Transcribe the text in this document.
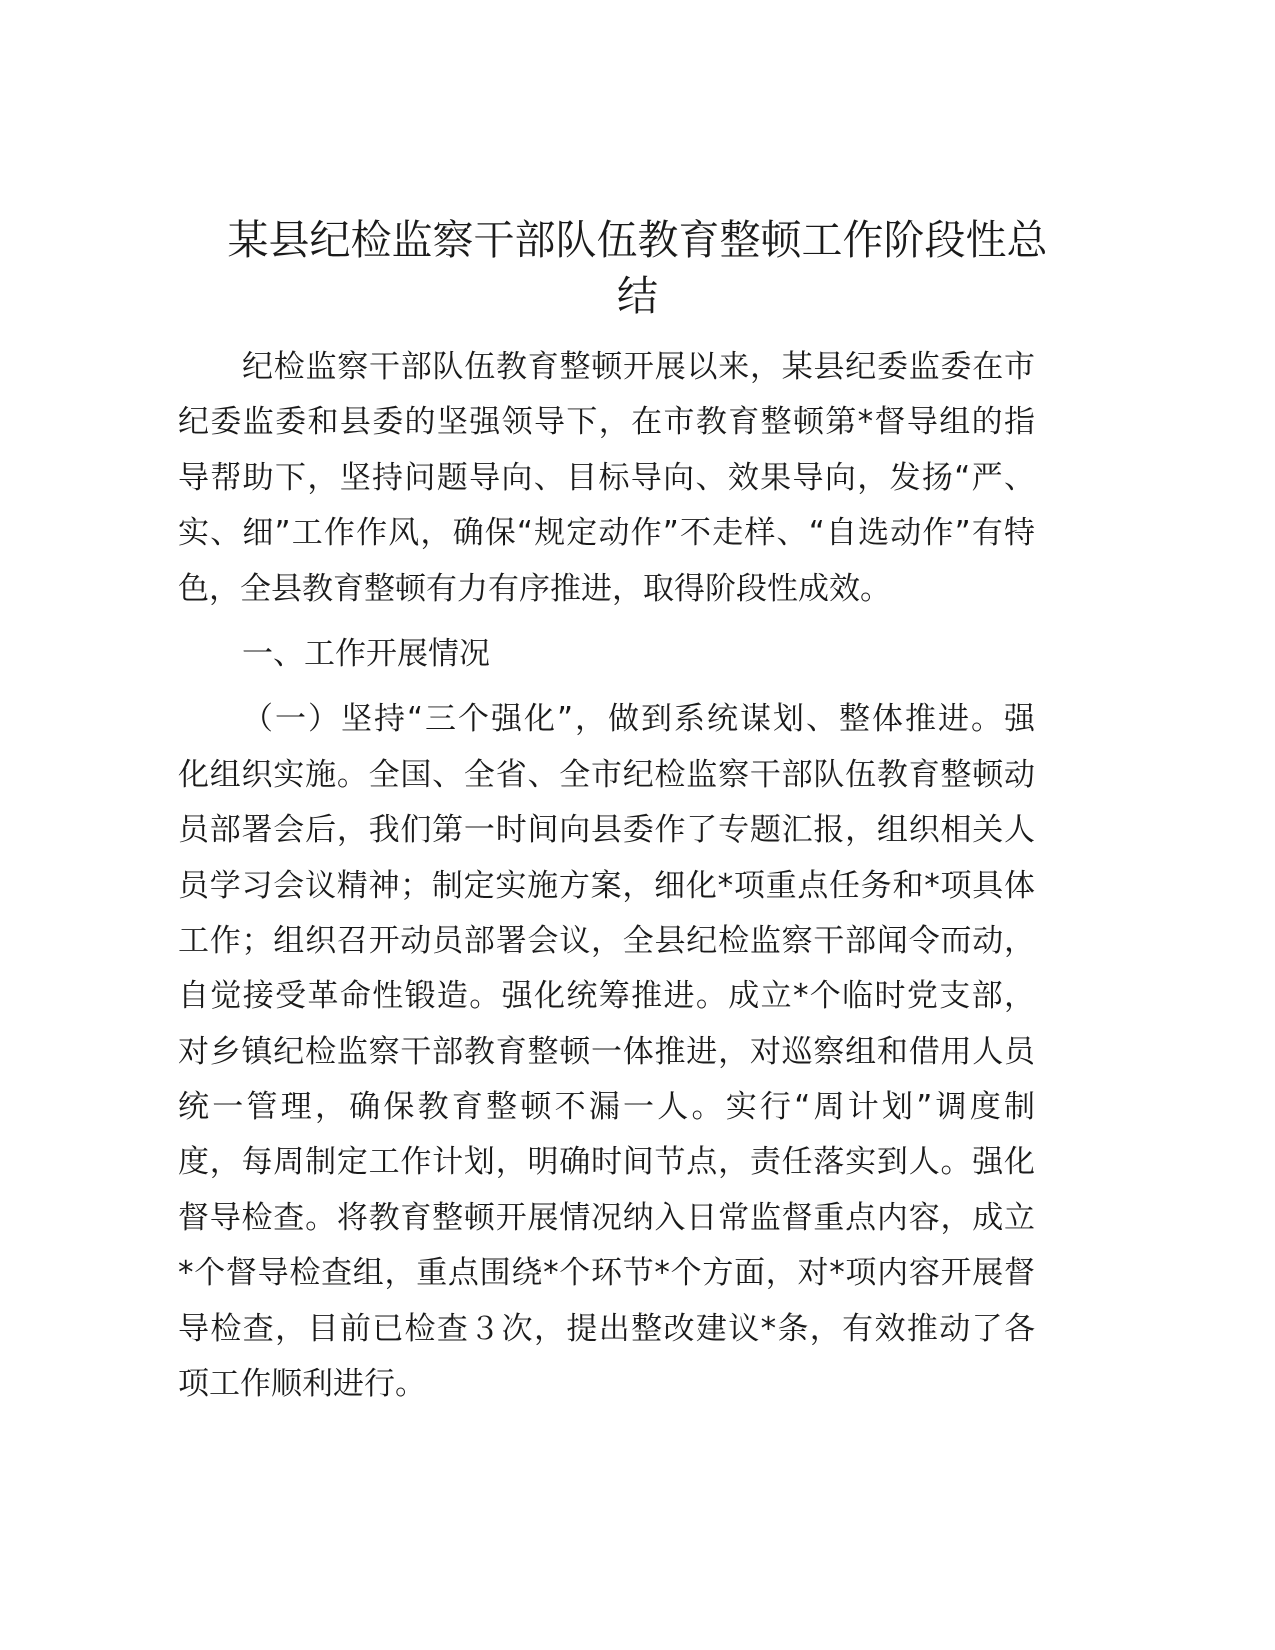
某县纪检监察干部队伍教育整顿工作阶段性总
结
纪检监察干部队伍教育整顿开展以来，某县纪委监委在市
纪委监委和县委的坚强领导下，在市教育整顿第*督导组的指
导帮助下，坚持问题导向、目标导向、效果导向，发扬“严、
实、细”工作作风，确保“规定动作”不走样、“自选动作”有特
色，全县教育整顿有力有序推进，取得阶段性成效。
一、工作开展情况
（一）坚持“三个强化”，做到系统谋划、整体推进。强
化组织实施。全国、全省、全市纪检监察干部队伍教育整顿动
员部署会后，我们第一时间向县委作了专题汇报，组织相关人
员学习会议精神；制定实施方案，细化*项重点任务和*项具体
工作；组织召开动员部署会议，全县纪检监察干部闻令而动，
自觉接受革命性锻造。强化统筹推进。成立*个临时党支部，
对乡镇纪检监察干部教育整顿一体推进，对巡察组和借用人员
统一管理，确保教育整顿不漏一人。实行“周计划”调度制
度，每周制定工作计划，明确时间节点，责任落实到人。强化
督导检查。将教育整顿开展情况纳入日常监督重点内容，成立
*个督导检查组，重点围绕*个环节*个方面，对*项内容开展督
导检查，目前已检查３次，提出整改建议*条，有效推动了各
项工作顺利进行。
